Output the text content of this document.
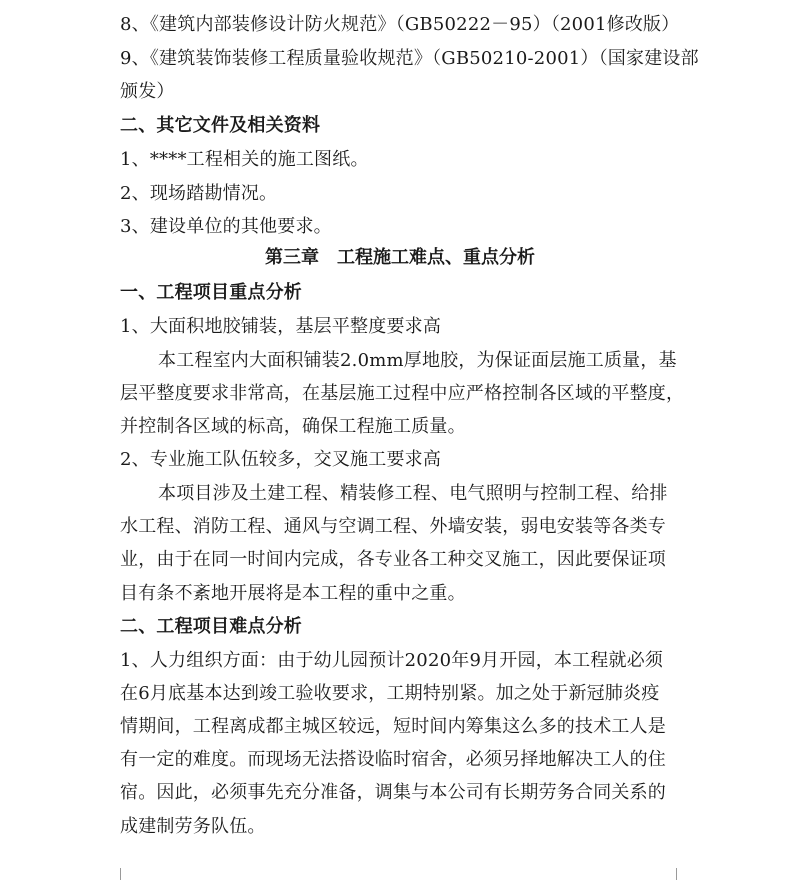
8、《建筑内部装修设计防火规范》（GB50222－95）（2001修改版）
9、《建筑装饰装修工程质量验收规范》（GB50210-2001）（国家建设部
颁发）
二、其它文件及相关资料
1、****工程相关的施工图纸。
2、现场踏勘情况。
3、建设单位的其他要求。
第三章　工程施工难点、重点分析
一、工程项目重点分析
1、大面积地胶铺装，基层平整度要求高
本工程室内大面积铺装2.0mm厚地胶，为保证面层施工质量，基
层平整度要求非常高，在基层施工过程中应严格控制各区域的平整度，
并控制各区域的标高，确保工程施工质量。
2、专业施工队伍较多，交叉施工要求高
本项目涉及土建工程、精装修工程、电气照明与控制工程、给排
水工程、消防工程、通风与空调工程、外墙安装，弱电安装等各类专
业，由于在同一时间内完成，各专业各工种交叉施工，因此要保证项
目有条不紊地开展将是本工程的重中之重。
二、工程项目难点分析
1、人力组织方面：由于幼儿园预计2020年9月开园，本工程就必须
在6月底基本达到竣工验收要求，工期特别紧。加之处于新冠肺炎疫
情期间，工程离成都主城区较远，短时间内筹集这么多的技术工人是
有一定的难度。而现场无法搭设临时宿舍，必须另择地解决工人的住
宿。因此，必须事先充分准备，调集与本公司有长期劳务合同关系的
成建制劳务队伍。
